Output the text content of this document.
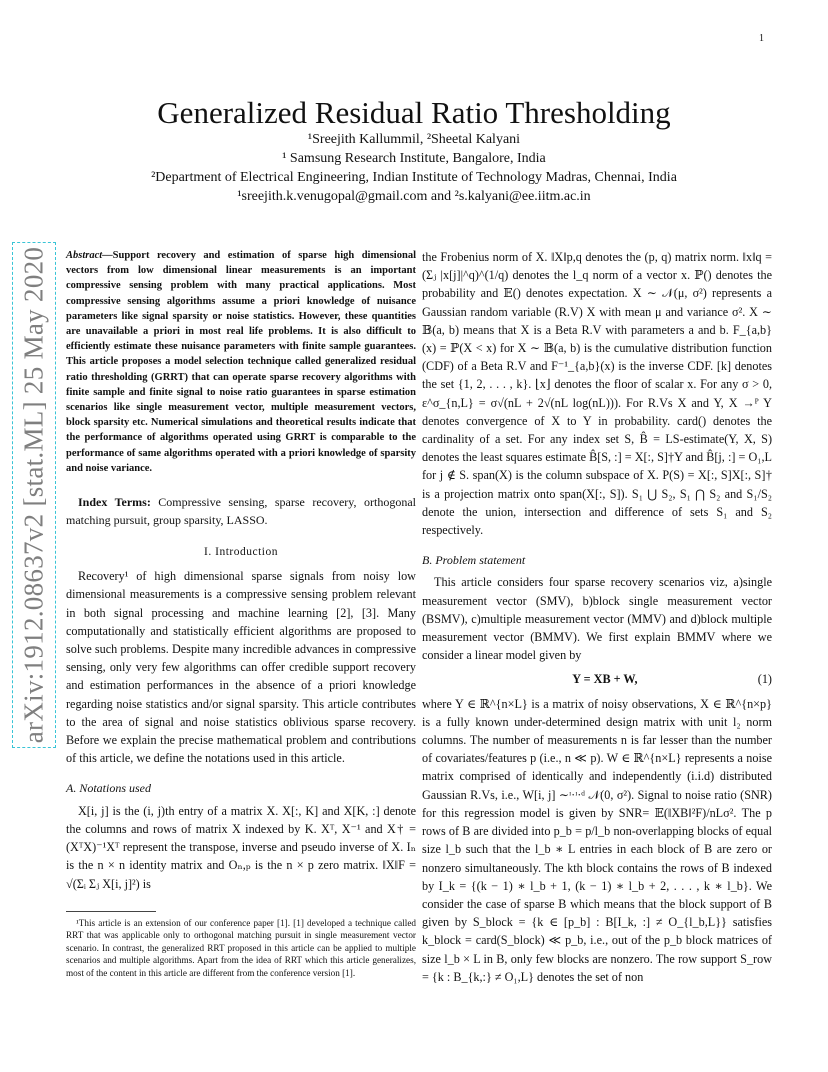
1
arXiv:1912.08637v2 [stat.ML] 25 May 2020
Generalized Residual Ratio Thresholding
¹Sreejith Kallummil, ²Sheetal Kalyani
¹ Samsung Research Institute, Bangalore, India
²Department of Electrical Engineering, Indian Institute of Technology Madras, Chennai, India
¹sreejith.k.venugopal@gmail.com and ²s.kalyani@ee.iitm.ac.in
Abstract—Support recovery and estimation of sparse high dimensional vectors from low dimensional linear measurements is an important compressive sensing problem with many practical applications. Most compressive sensing algorithms assume a priori knowledge of nuisance parameters like signal sparsity or noise statistics. However, these quantities are unavailable a priori in most real life problems. It is also difficult to efficiently estimate these nuisance parameters with finite sample guarantees. This article proposes a model selection technique called generalized residual ratio thresholding (GRRT) that can operate sparse recovery algorithms with finite sample and finite signal to noise ratio guarantees in sparse estimation scenarios like single measurement vector, multiple measurement vectors, block sparsity etc. Numerical simulations and theoretical results indicate that the performance of algorithms operated using GRRT is comparable to the performance of same algorithms operated with a priori knowledge of sparsity and noise variance.
Index Terms: Compressive sensing, sparse recovery, orthogonal matching pursuit, group sparsity, LASSO.
I. Introduction

Recovery¹ of high dimensional sparse signals from noisy low dimensional measurements is a compressive sensing problem relevant in both signal processing and machine learning [2], [3]. Many computationally and statistically efficient algorithms are proposed to solve such problems. Despite many incredible advances in compressive sensing, only very few algorithms can offer credible support recovery and estimation performances in the absence of a priori knowledge regarding noise statistics and/or signal sparsity. This article contributes to the area of signal and noise statistics oblivious sparse recovery. Before we explain the precise mathematical problem and contributions of this article, we define the notations used in this article.

A. Notations used

X[i, j] is the (i, j)th entry of a matrix X. X[:, K] and X[K, :] denote the columns and rows of matrix X indexed by K. Xᵀ, X⁻¹ and X† = (XᵀX)⁻¹Xᵀ represent the transpose, inverse and pseudo inverse of X. Iₙ is the n × n identity matrix and Oₙ,ₚ is the n × p zero matrix. ‖X‖F = √(Σᵢ Σⱼ X[i, j]²) is

¹This article is an extension of our conference paper [1]. [1] developed a technique called RRT that was applicable only to orthogonal matching pursuit in single measurement vector scenario. In contrast, the generalized RRT proposed in this article can be applied to multiple scenarios and multiple algorithms. Apart from the idea of RRT which this article generalizes, most of the content in this article are different from the conference version [1].

the Frobenius norm of X. ‖X‖p,q denotes the (p, q) matrix norm. ‖x‖q = (Σⱼ |x[j]|^q)^(1/q) denotes the l_q norm of a vector x. ℙ() denotes the probability and 𝔼() denotes expectation. X ∼ 𝒩(μ, σ²) represents a Gaussian random variable (R.V) X with mean μ and variance σ². X ∼ 𝔹(a, b) means that X is a Beta R.V with parameters a and b. F_{a,b}(x) = ℙ(X < x) for X ∼ 𝔹(a, b) is the cumulative distribution function (CDF) of a Beta R.V and F⁻¹_{a,b}(x) is the inverse CDF. [k] denotes the set {1, 2, . . . , k}. ⌊x⌋ denotes the floor of scalar x. For any σ > 0, ε^σ_{n,L} = σ√(nL + 2√(nL log(nL))). For R.Vs X and Y, X →ᴾ Y denotes convergence of X to Y in probability. card() denotes the cardinality of a set. For any index set S, B̂ = LS-estimate(Y, X, S) denotes the least squares estimate B̂[S, :] = X[:, S]†Y and B̂[j, :] = O₁,L for j ∉ S. span(X) is the column subspace of X. P(S) = X[:, S]X[:, S]† is a projection matrix onto span(X[:, S]). S₁ ⋃ S₂, S₁ ⋂ S₂ and S₁/S₂ denote the union, intersection and difference of sets S₁ and S₂ respectively.

B. Problem statement

This article considers four sparse recovery scenarios viz, a)single measurement vector (SMV), b)block single measurement vector (BSMV), c)multiple measurement vector (MMV) and d)block multiple measurement vector (BMMV). We first explain BMMV where we consider a linear model given by

Y = XB + W,	(1)

where Y ∈ ℝ^{n×L} is a matrix of noisy observations, X ∈ ℝ^{n×p} is a fully known under-determined design matrix with unit l₂ norm columns. The number of measurements n is far lesser than the number of covariates/features p (i.e., n ≪ p). W ∈ ℝ^{n×L} represents a noise matrix comprised of identically and independently (i.i.d) distributed Gaussian R.Vs, i.e., W[i, j] ∼ᶦ·ᶦ·ᵈ 𝒩(0, σ²). Signal to noise ratio (SNR) for this regression model is given by SNR= 𝔼(‖XB‖²F)/nLσ². The p rows of B are divided into p_b = p/l_b non-overlapping blocks of equal size l_b such that the l_b ∗ L entries in each block of B are zero or nonzero simultaneously. The kth block contains the rows of B indexed by I_k = {(k − 1) ∗ l_b + 1, (k − 1) ∗ l_b + 2, . . . , k ∗ l_b}. We consider the case of sparse B which means that the block support of B given by S_block = {k ∈ [p_b] : B[I_k, :] ≠ O_{l_b,L}} satisfies k_block = card(S_block) ≪ p_b, i.e., out of the p_b block matrices of size l_b × L in B, only few blocks are nonzero. The row support S_row = {k : B_{k,:} ≠ O₁,L} denotes the set of non
